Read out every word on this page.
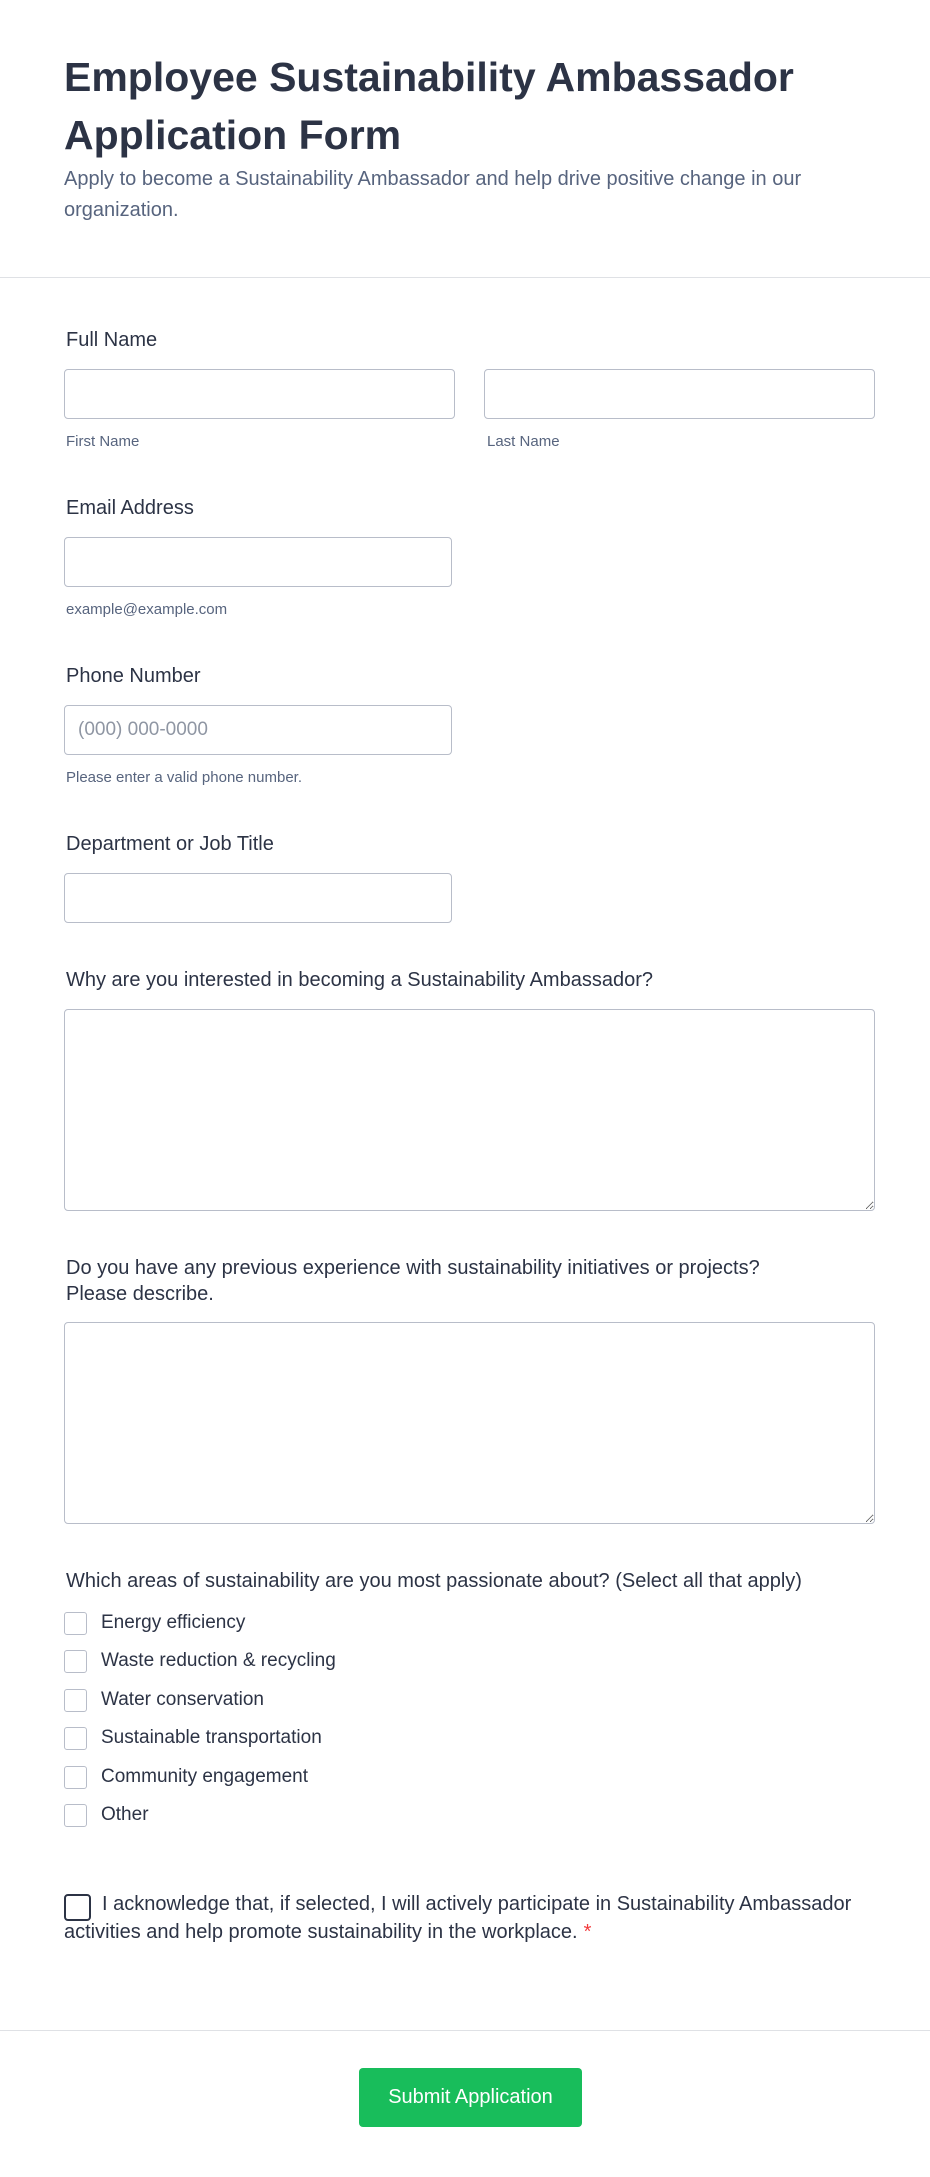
Employee Sustainability Ambassador Application Form

Apply to become a Sustainability Ambassador and help drive positive change in our organization.

Full Name
First Name	Last Name
Email Address
example@example.com
Phone Number
(000) 000-0000
Please enter a valid phone number.
Department or Job Title
Why are you interested in becoming a Sustainability Ambassador?
Do you have any previous experience with sustainability initiatives or projects?
Please describe.
Which areas of sustainability are you most passionate about? (Select all that apply)
Energy efficiency
Waste reduction & recycling
Water conservation
Sustainable transportation
Community engagement
Other

I acknowledge that, if selected, I will actively participate in Sustainability Ambassador activities and help promote sustainability in the workplace. *

Submit Application
